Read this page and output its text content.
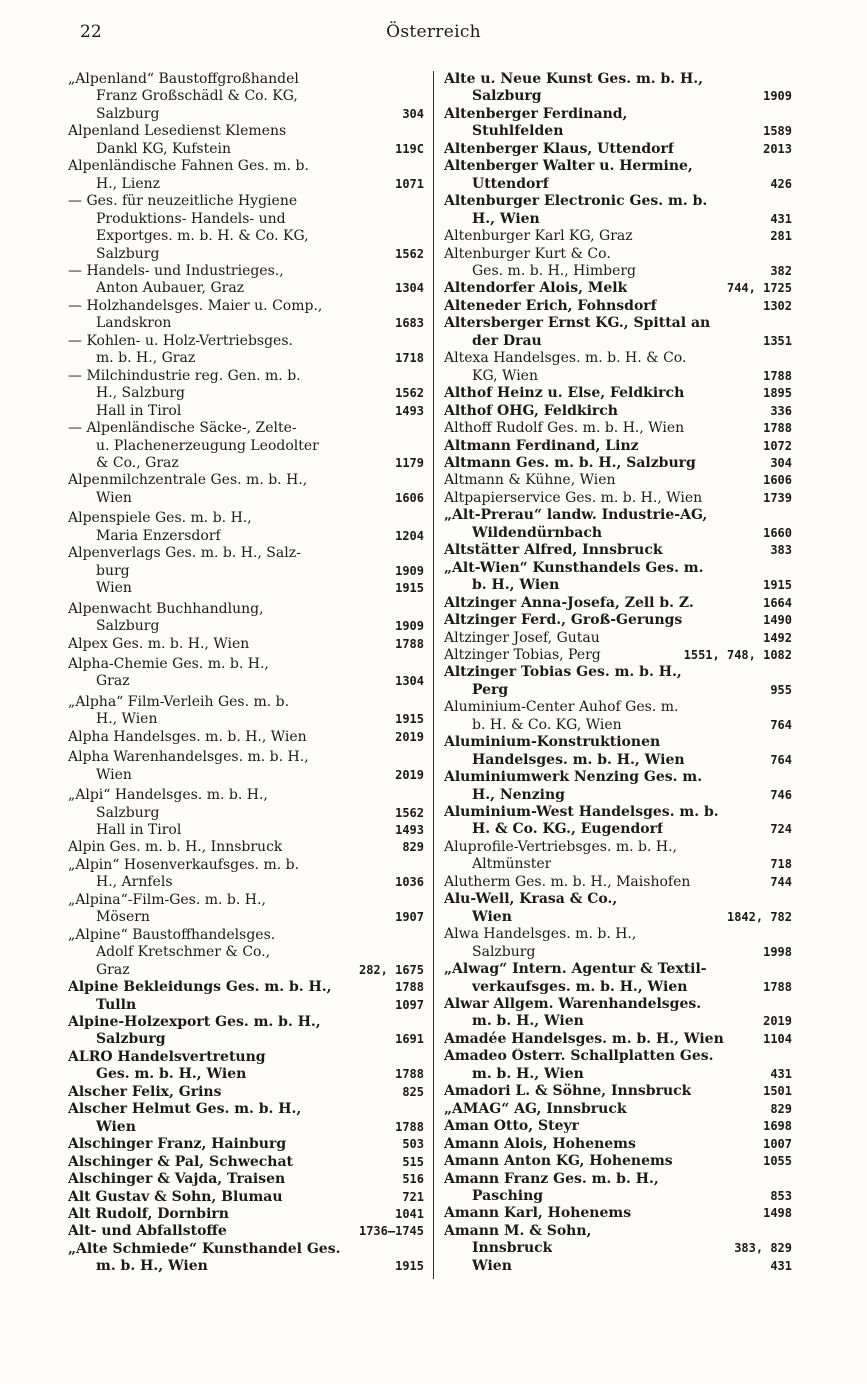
22	Österreich
„Alpenland“ Baustoffgroßhandel
Franz Großschädl & Co. KG,
Salzburg	304
Alpenland Lesedienst Klemens
Dankl KG, Kufstein	119C
Alpenländische Fahnen Ges. m. b.
H., Lienz	1071
— Ges. für neuzeitliche Hygiene
Produktions- Handels- und
Exportges. m. b. H. & Co. KG,
Salzburg	1562
— Handels- und Industrieges.,
Anton Aubauer, Graz	1304
— Holzhandelsges. Maier u. Comp.,
Landskron	1683
— Kohlen- u. Holz-Vertriebsges.
m. b. H., Graz	1718
— Milchindustrie reg. Gen. m. b.
H., Salzburg	1562
Hall in Tirol	1493
— Alpenländische Säcke-, Zelte-
u. Plachenerzeugung Leodolter
& Co., Graz	1179
Alpenmilchzentrale Ges. m. b. H.,
Wien	1606
Alpenspiele Ges. m. b. H.,
Maria Enzersdorf	1204
Alpenverlags Ges. m. b. H., Salz-
burg	1909
Wien	1915
Alpenwacht Buchhandlung,
Salzburg	1909
Alpex Ges. m. b. H., Wien	1788
Alpha-Chemie Ges. m. b. H.,
Graz	1304
„Alpha“ Film-Verleih Ges. m. b.
H., Wien	1915
Alpha Handelsges. m. b. H., Wien	2019
Alpha Warenhandelsges. m. b. H.,
Wien	2019
„Alpi“ Handelsges. m. b. H.,
Salzburg	1562
Hall in Tirol	1493
Alpin Ges. m. b. H., Innsbruck	829
„Alpin“ Hosenverkaufsges. m. b.
H., Arnfels	1036
„Alpina“-Film-Ges. m. b. H.,
Mösern	1907
„Alpine“ Baustoffhandelsges.
Adolf Kretschmer & Co.,
Graz	282, 1675
Alpine Bekleidungs Ges. m. b. H.,	1788
Tulln	1097
Alpine-Holzexport Ges. m. b. H.,
Salzburg	1691
ALRO Handelsvertretung
Ges. m. b. H., Wien	1788
Alscher Felix, Grins	825
Alscher Helmut Ges. m. b. H.,
Wien	1788
Alschinger Franz, Hainburg	503
Alschinger & Pal, Schwechat	515
Alschinger & Vajda, Traisen	516
Alt Gustav & Sohn, Blumau	721
Alt Rudolf, Dornbirn	1041
Alt- und Abfallstoffe	1736—1745
„Alte Schmiede“ Kunsthandel Ges.
m. b. H., Wien	1915
Alte u. Neue Kunst Ges. m. b. H.,
Salzburg	1909
Altenberger Ferdinand,
Stuhlfelden	1589
Altenberger Klaus, Uttendorf	2013
Altenberger Walter u. Hermine,
Uttendorf	426
Altenburger Electronic Ges. m. b.
H., Wien	431
Altenburger Karl KG, Graz	281
Altenburger Kurt & Co.
Ges. m. b. H., Himberg	382
Altendorfer Alois, Melk	744, 1725
Alteneder Erich, Fohnsdorf	1302
Altersberger Ernst KG., Spittal an
der Drau	1351
Altexa Handelsges. m. b. H. & Co.
KG, Wien	1788
Althof Heinz u. Else, Feldkirch	1895
Althof OHG, Feldkirch	336
Althoff Rudolf Ges. m. b. H., Wien	1788
Altmann Ferdinand, Linz	1072
Altmann Ges. m. b. H., Salzburg	304
Altmann & Kühne, Wien	1606
Altpapierservice Ges. m. b. H., Wien	1739
„Alt-Prerau“ landw. Industrie-AG,
Wildendürnbach	1660
Altstätter Alfred, Innsbruck	383
„Alt-Wien“ Kunsthandels Ges. m.
b. H., Wien	1915
Altzinger Anna-Josefa, Zell b. Z.	1664
Altzinger Ferd., Groß-Gerungs	1490
Altzinger Josef, Gutau	1492
Altzinger Tobias, Perg	1551, 748, 1082
Altzinger Tobias Ges. m. b. H.,
Perg	955
Aluminium-Center Auhof Ges. m.
b. H. & Co. KG, Wien	764
Aluminium-Konstruktionen
Handelsges. m. b. H., Wien	764
Aluminiumwerk Nenzing Ges. m.
H., Nenzing	746
Aluminium-West Handelsges. m. b.
H. & Co. KG., Eugendorf	724
Aluprofile-Vertriebsges. m. b. H.,
Altmünster	718
Alutherm Ges. m. b. H., Maishofen	744
Alu-Well, Krasa & Co.,
Wien	1842, 782
Alwa Handelsges. m. b. H.,
Salzburg	1998
„Alwag“ Intern. Agentur & Textil-
verkaufsges. m. b. H., Wien	1788
Alwar Allgem. Warenhandelsges.
m. b. H., Wien	2019
Amadée Handelsges. m. b. H., Wien	1104
Amadeo Österr. Schallplatten Ges.
m. b. H., Wien	431
Amadori L. & Söhne, Innsbruck	1501
„AMAG“ AG, Innsbruck	829
Aman Otto, Steyr	1698
Amann Alois, Hohenems	1007
Amann Anton KG, Hohenems	1055
Amann Franz Ges. m. b. H.,
Pasching	853
Amann Karl, Hohenems	1498
Amann M. & Sohn,
Innsbruck	383, 829
Wien	431
